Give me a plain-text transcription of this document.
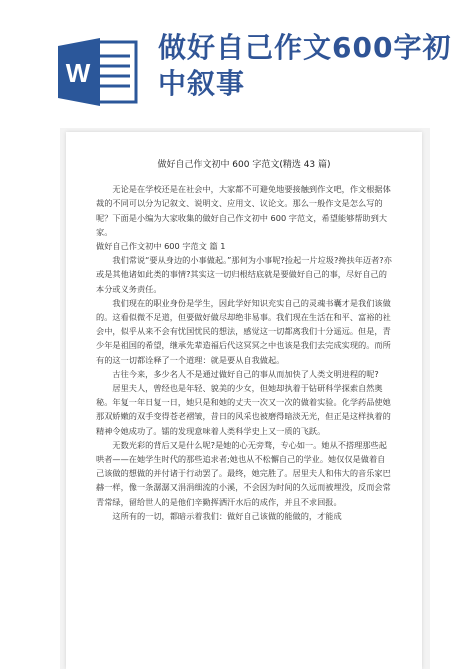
W
做好自己作文600字初中叙事
做好自己作文初中 600 字范文(精选 43 篇)

无论是在学校还是在社会中，大家都不可避免地要接触到作文吧，作文根据体裁的不同可以分为记叙文、说明文、应用文、议论文。那么一般作文是怎么写的呢？下面是小编为大家收集的做好自己作文初中 600 字范文，希望能够帮助到大家。

做好自己作文初中 600 字范文 篇 1

我们常说“要从身边的小事做起。”那何为小事呢?捡起一片垃圾?搀扶年迈者?亦或是其他诸如此类的事情?其实这一切归根结底就是要做好自己的事，尽好自己的本分或义务责任。

我们现在的职业身份是学生，因此学好知识充实自己的灵魂书囊才是我们该做的。这看似微不足道，但要做好做尽却绝非易事。我们现在生活在和平、富裕的社会中，似乎从来不会有忧国忧民的想法，感觉这一切都离我们十分遥远。但是，青少年是祖国的希望，继承先辈造福后代这冥冥之中也该是我们去完成实现的。而所有的这一切都诠释了一个道理：就是要从自我做起。

古往今来，多少名人不是通过做好自己的事从而加快了人类文明进程的呢?

居里夫人，曾经也是年轻、貌美的少女，但她却执着于钻研科学探索自然奥秘。年复一年日复一日，她只是和她的丈夫一次又一次的做着实验。化学药品使她那双娇嫩的双手变得苍老褶皱，昔日的风采也被磨得暗淡无光，但正是这样执着的精神令她成功了。镭的发现意味着人类科学史上又一质的飞跃。

无数光彩的背后又是什么呢?是她的心无旁骛，专心如一。她从不搭理那些起哄者——在她学生时代的那些追求者;她也从不松懈自己的学业。她仅仅是做着自己该做的想做的并付诸于行动罢了。最终，她完胜了。居里夫人和伟大的音乐家巴赫一样，像一条潺潺又涓涓细流的小溪，不会因为时间的久远而被埋没，反而会常青常绿，留给世人的是他们辛勤挥洒汗水后的成作，并且不求回报。

这所有的一切，都暗示着我们：做好自己该做的能做的，才能成
